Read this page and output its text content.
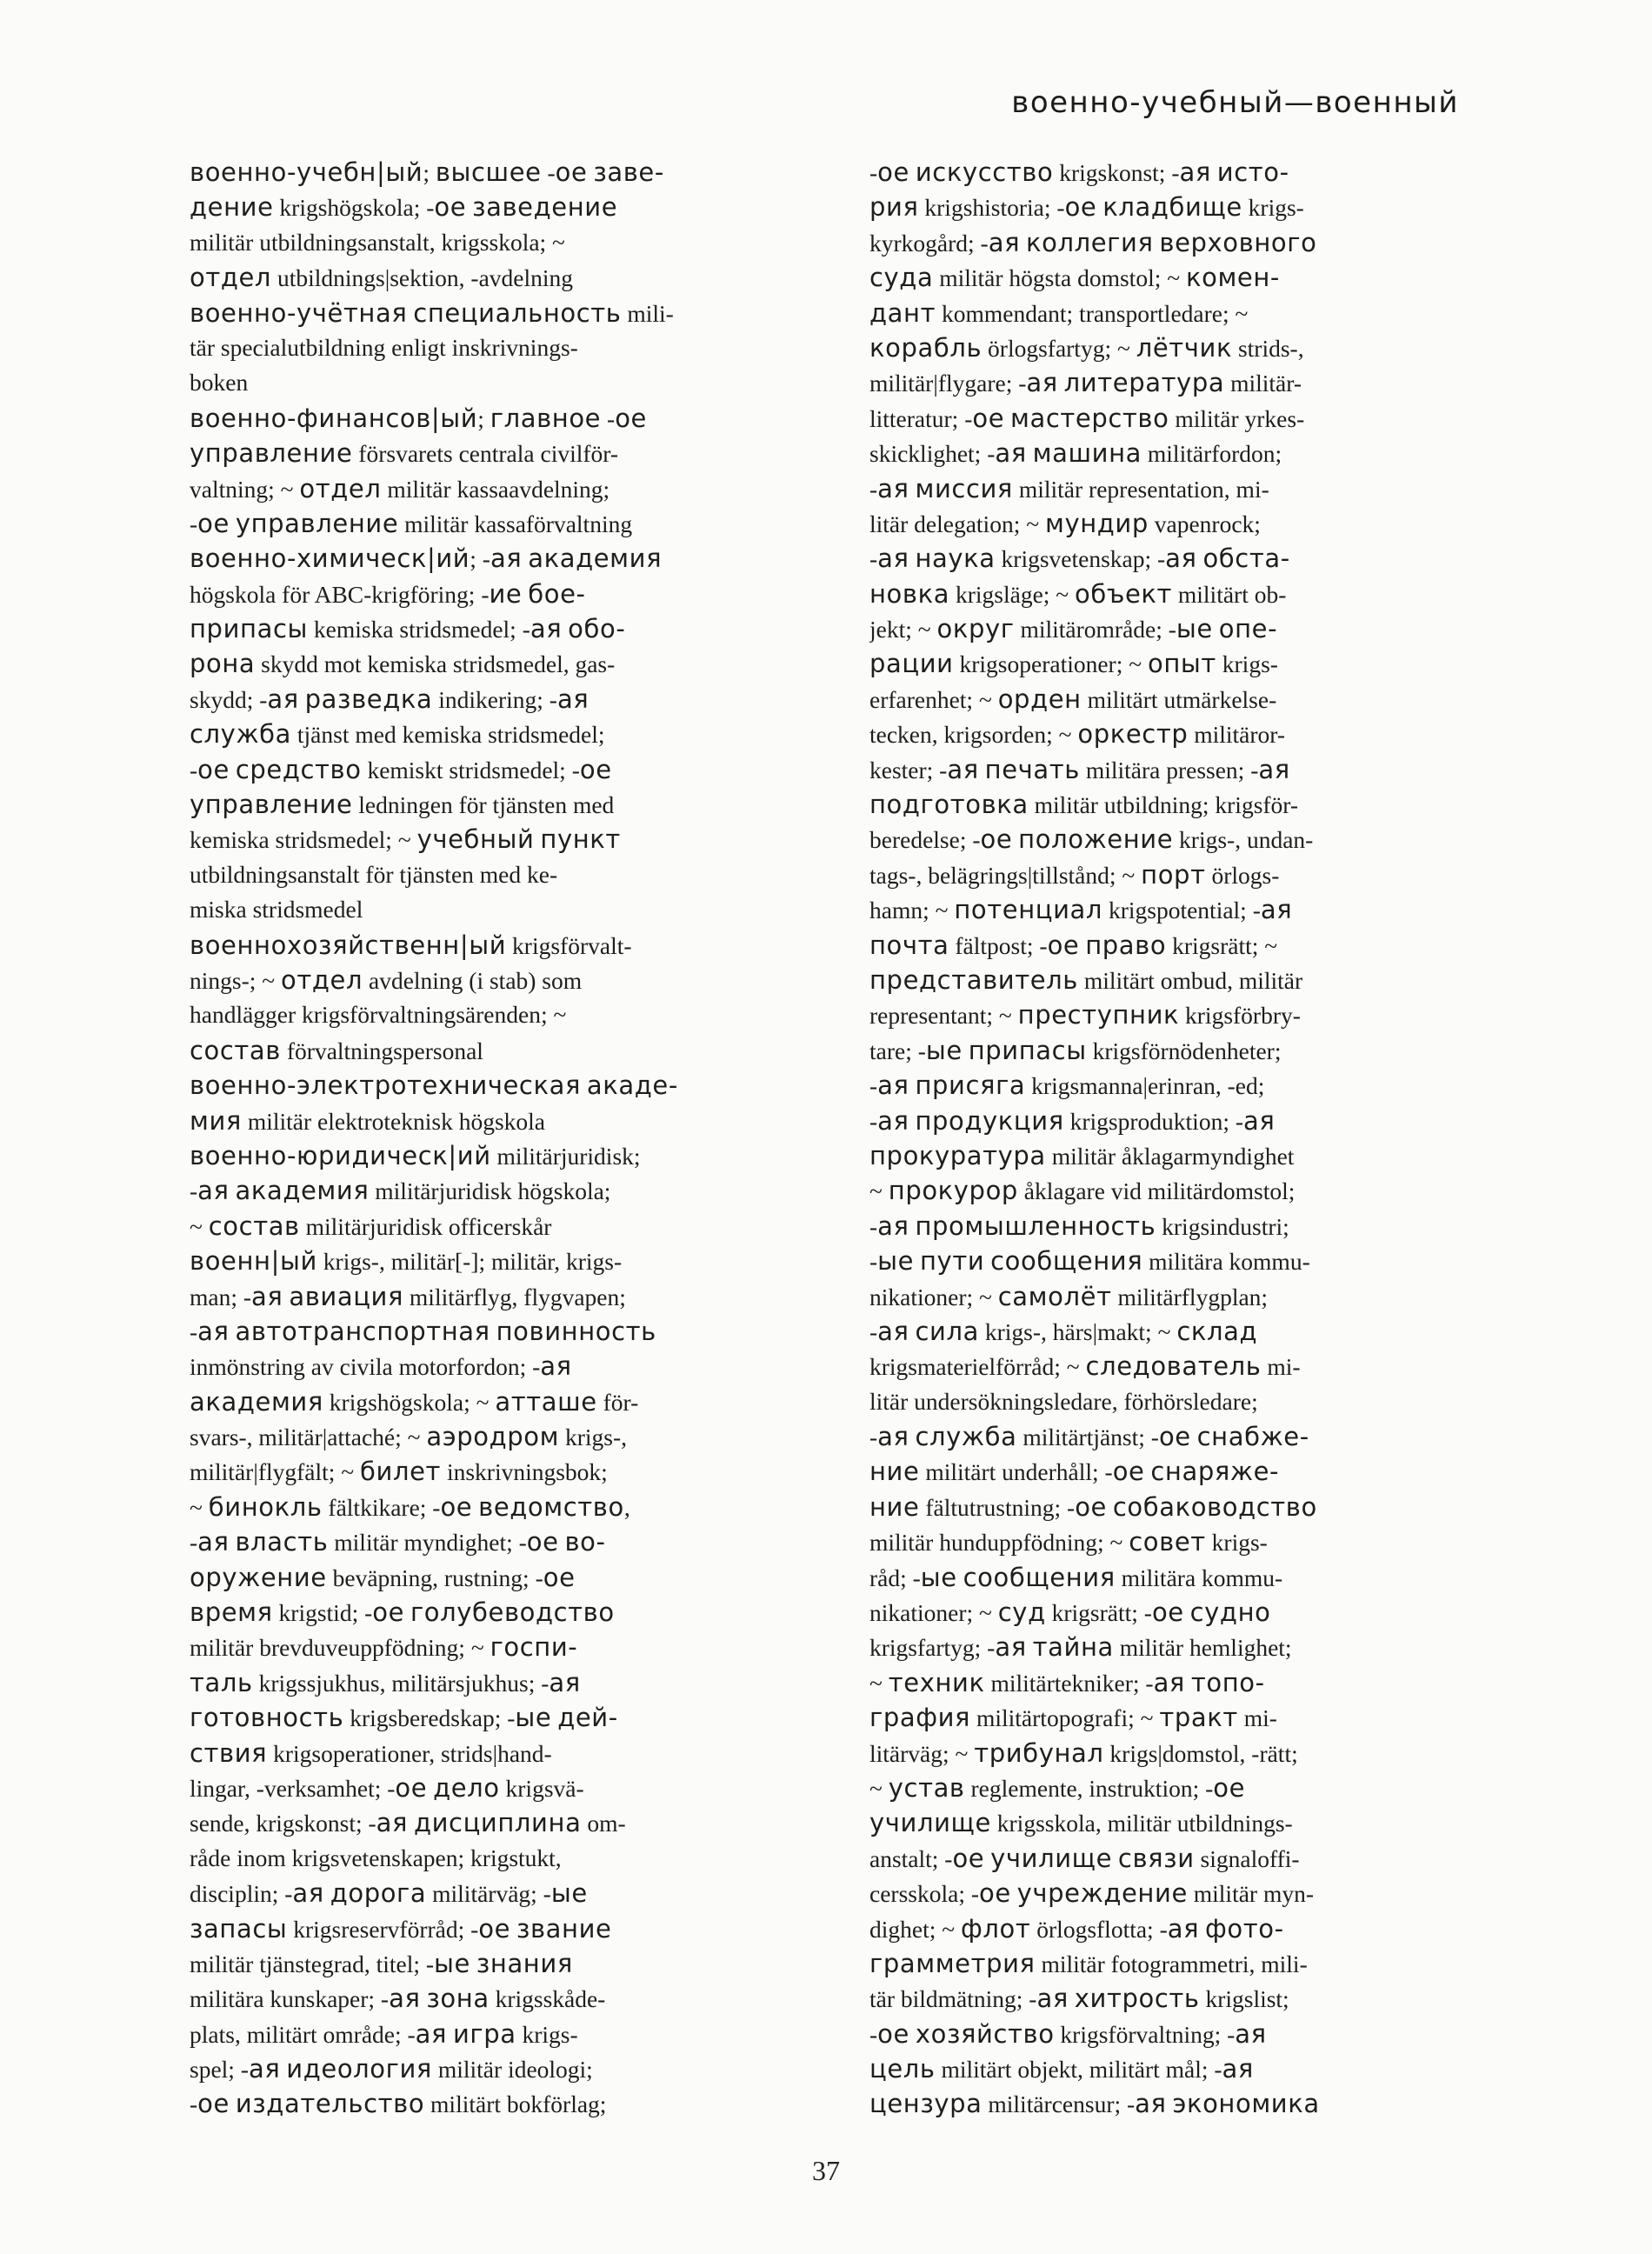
военно-учебный—военный
военно-учебн|ый; высшее -ое заве-
дение krigshögskola; -ое заведение
militär utbildningsanstalt, krigsskola; ~
отдел utbildnings|sektion, -avdelning
военно-учётная специальность mili-
tär specialutbildning enligt inskrivnings-
boken
военно-финансов|ый; главное -ое
управление försvarets centrala civilför-
valtning; ~ отдел militär kassaavdelning;
-ое управление militär kassaförvaltning
военно-химическ|ий; -ая академия
högskola för ABC-krigföring; -ие бое-
припасы kemiska stridsmedel; -ая обо-
рона skydd mot kemiska stridsmedel, gas-
skydd; -ая разведка indikering; -ая
служба tjänst med kemiska stridsmedel;
-ое средство kemiskt stridsmedel; -ое
управление ledningen för tjänsten med
kemiska stridsmedel; ~ учебный пункт
utbildningsanstalt för tjänsten med ke-
miska stridsmedel
военнохозяйственн|ый krigsförvalt-
nings-; ~ отдел avdelning (i stab) som
handlägger krigsförvaltningsärenden; ~
состав förvaltningspersonal
военно-электротехническая акаде-
мия militär elektroteknisk högskola
военно-юридическ|ий militärjuridisk;
-ая академия militärjuridisk högskola;
~ состав militärjuridisk officerskår
военн|ый krigs-, militär[-]; militär, krigs-
man; -ая авиация militärflyg, flygvapen;
-ая автотранспортная повинность
inmönstring av civila motorfordon; -ая
академия krigshögskola; ~ атташе för-
svars-, militär|attaché; ~ аэродром krigs-,
militär|flygfält; ~ билет inskrivningsbok;
~ бинокль fältkikare; -ое ведомство,
-ая власть militär myndighet; -ое во-
оружение beväpning, rustning; -ое
время krigstid; -ое голубеводство
militär brevduveuppfödning; ~ госпи-
таль krigssjukhus, militärsjukhus; -ая
готовность krigsberedskap; -ые дей-
ствия krigsoperationer, strids|hand-
lingar, -verksamhet; -ое дело krigsvä-
sende, krigskonst; -ая дисциплина om-
råde inom krigsvetenskapen; krigstukt,
disciplin; -ая дорога militärväg; -ые
запасы krigsreservförråd; -ое звание
militär tjänstegrad, titel; -ые знания
militära kunskaper; -ая зона krigsskåde-
plats, militärt område; -ая игра krigs-
spel; -ая идеология militär ideologi;
-ое издательство militärt bokförlag;
-ое искусство krigskonst; -ая исто-
рия krigshistoria; -ое кладбище krigs-
kyrkogård; -ая коллегия верховного
суда militär högsta domstol; ~ комен-
дант kommendant; transportledare; ~
корабль örlogsfartyg; ~ лётчик strids-,
militär|flygare; -ая литература militär-
litteratur; -ое мастерство militär yrkes-
skicklighet; -ая машина militärfordon;
-ая миссия militär representation, mi-
litär delegation; ~ мундир vapenrock;
-ая наука krigsvetenskap; -ая обста-
новка krigsläge; ~ объект militärt ob-
jekt; ~ округ militärområde; -ые опе-
рации krigsoperationer; ~ опыт krigs-
erfarenhet; ~ орден militärt utmärkelse-
tecken, krigsorden; ~ оркестр militäror-
kester; -ая печать militära pressen; -ая
подготовка militär utbildning; krigsför-
beredelse; -ое положение krigs-, undan-
tags-, belägrings|tillstånd; ~ порт örlogs-
hamn; ~ потенциал krigspotential; -ая
почта fältpost; -ое право krigsrätt; ~
представитель militärt ombud, militär
representant; ~ преступник krigsförbry-
tare; -ые припасы krigsförnödenheter;
-ая присяга krigsmanna|erinran, -ed;
-ая продукция krigsproduktion; -ая
прокуратура militär åklagarmyndighet
~ прокурор åklagare vid militärdomstol;
-ая промышленность krigsindustri;
-ые пути сообщения militära kommu-
nikationer; ~ самолёт militärflygplan;
-ая сила krigs-, härs|makt; ~ склад
krigsmaterielförråd; ~ следователь mi-
litär undersökningsledare, förhörsledare;
-ая служба militärtjänst; -ое снабже-
ние militärt underhåll; -ое снаряже-
ние fältutrustning; -ое собаководство
militär hunduppfödning; ~ совет krigs-
råd; -ые сообщения militära kommu-
nikationer; ~ суд krigsrätt; -ое судно
krigsfartyg; -ая тайна militär hemlighet;
~ техник militärtekniker; -ая топо-
графия militärtopografi; ~ тракт mi-
litärväg; ~ трибунал krigs|domstol, -rätt;
~ устав reglemente, instruktion; -ое
училище krigsskola, militär utbildnings-
anstalt; -ое училище связи signaloffi-
cersskola; -ое учреждение militär myn-
dighet; ~ флот örlogsflotta; -ая фото-
грамметрия militär fotogrammetri, mili-
tär bildmätning; -ая хитрость krigslist;
-ое хозяйство krigsförvaltning; -ая
цель militärt objekt, militärt mål; -ая
цензура militärcensur; -ая экономика
37
